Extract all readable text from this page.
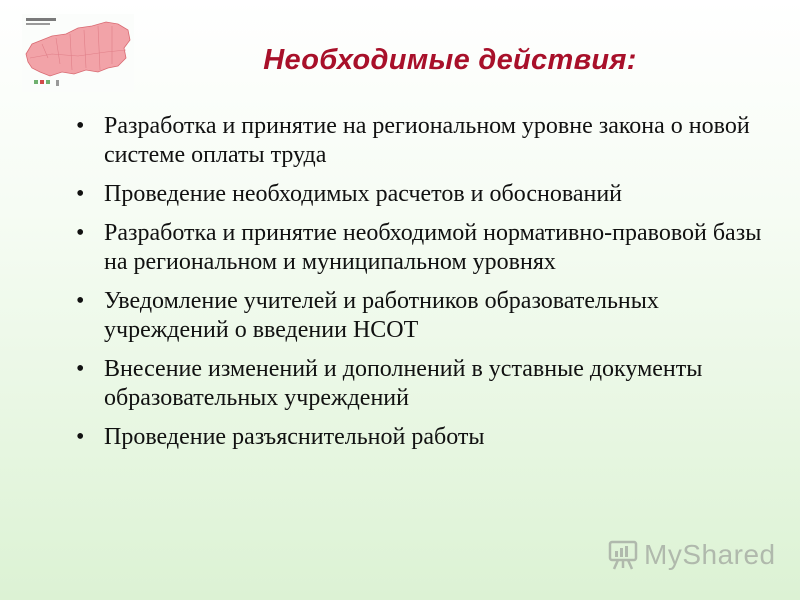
Необходимые действия:
• Разработка и принятие на региональном уровне закона о новой системе оплаты труда
• Проведение необходимых расчетов и обоснований
• Разработка и принятие необходимой нормативно-правовой базы на региональном и муниципальном уровнях
• Уведомление учителей и работников образовательных учреждений о введении НСОТ
• Внесение изменений и дополнений в уставные документы образовательных учреждений
• Проведение разъяснительной работы
MyShared
